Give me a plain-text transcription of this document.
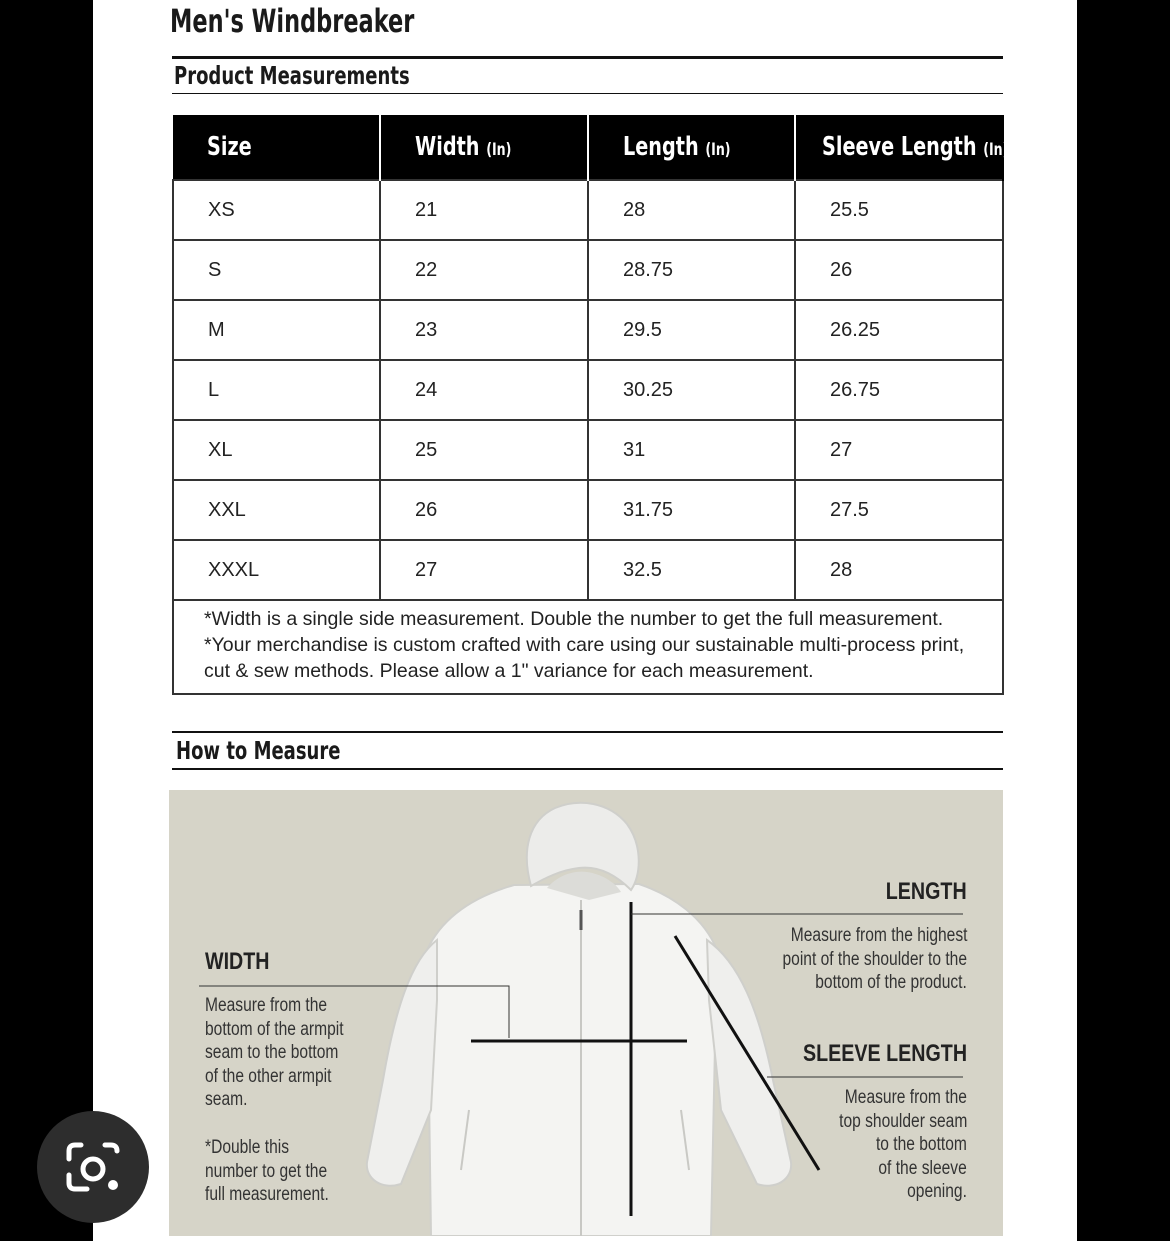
Men's Windbreaker
Product Measurements
Size	Width (In)	Length (In)	Sleeve Length (In)
XS	21	28	25.5
S	22	28.75	26
M	23	29.5	26.25
L	24	30.25	26.75
XL	25	31	27
XXL	26	31.75	27.5
XXXL	27	32.5	28

*Width is a single side measurement. Double the number to get the full measurement.
*Your merchandise is custom crafted with care using our sustainable multi-process print,
cut & sew methods. Please allow a 1" variance for each measurement.			
How to Measure
WIDTH
Measure from the
bottom of the armpit
seam to the bottom
of the other armpit
seam.
*Double this
number to get the
full measurement.
LENGTH
Measure from the highest
point of the shoulder to the
bottom of the product.
SLEEVE LENGTH
Measure from the
top shoulder seam
to the bottom
of the sleeve
opening.
